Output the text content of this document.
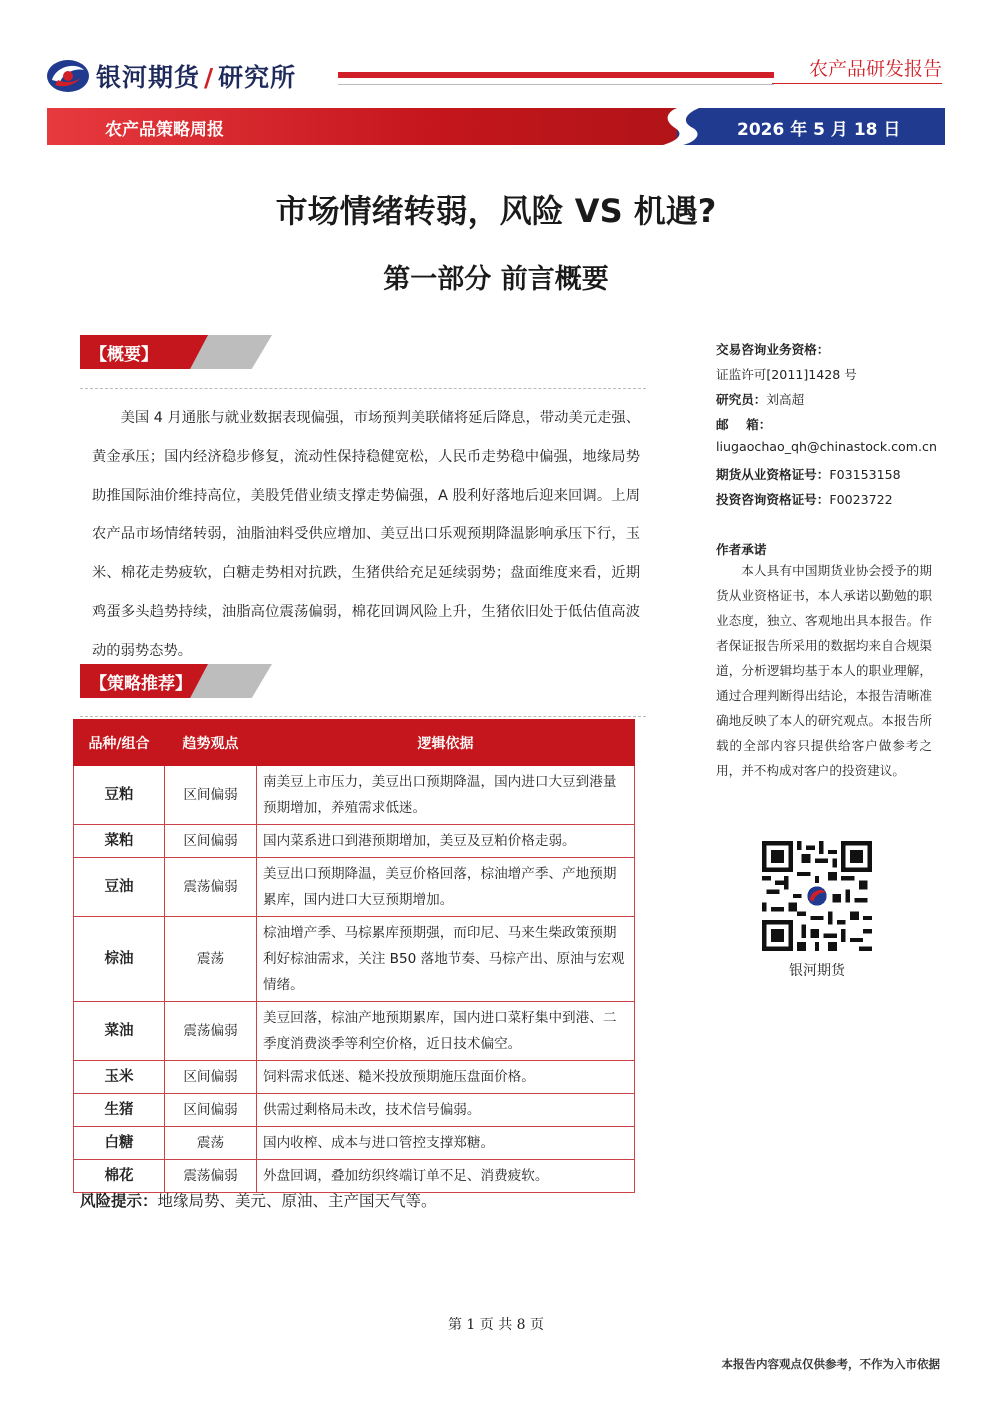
银河期货 / 研究所	农产品研发报告
农产品策略周报	2026 年 5 月 18 日
市场情绪转弱，风险 VS 机遇?
第一部分 前言概要
【概要】

美国 4 月通胀与就业数据表现偏强，市场预判美联储将延后降息，带动美元走强、黄金承压；国内经济稳步修复，流动性保持稳健宽松，人民币走势稳中偏强，地缘局势助推国际油价维持高位，美股凭借业绩支撑走势偏强，A 股利好落地后迎来回调。上周农产品市场情绪转弱，油脂油料受供应增加、美豆出口乐观预期降温影响承压下行，玉米、棉花走势疲软，白糖走势相对抗跌，生猪供给充足延续弱势；盘面维度来看，近期鸡蛋多头趋势持续，油脂高位震荡偏弱，棉花回调风险上升，生猪依旧处于低估值高波动的弱势态势。

【策略推荐】
品种/组合	趋势观点	逻辑依据
豆粕	区间偏弱	南美豆上市压力，美豆出口预期降温，国内进口大豆到港量预期增加，养殖需求低迷。
菜粕	区间偏弱	国内菜系进口到港预期增加，美豆及豆粕价格走弱。
豆油	震荡偏弱	美豆出口预期降温，美豆价格回落，棕油增产季、产地预期累库，国内进口大豆预期增加。
棕油	震荡	棕油增产季、马棕累库预期强，而印尼、马来生柴政策预期利好棕油需求，关注 B50 落地节奏、马棕产出、原油与宏观情绪。
菜油	震荡偏弱	美豆回落，棕油产地预期累库，国内进口菜籽集中到港、二季度消费淡季等利空价格，近日技术偏空。
玉米	区间偏弱	饲料需求低迷、糙米投放预期施压盘面价格。
生猪	区间偏弱	供需过剩格局未改，技术信号偏弱。
白糖	震荡	国内收榨、成本与进口管控支撑郑糖。
棉花	震荡偏弱	外盘回调，叠加纺织终端订单不足、消费疲软。
风险提示：地缘局势、美元、原油、主产国天气等。
交易咨询业务资格：
证监许可[2011]1428 号
研究员：刘高超
邮    箱：
liugaochao_qh@chinastock.com.cn
期货从业资格证号：F03153158
投资咨询资格证号：F0023722
作者承诺

本人具有中国期货业协会授予的期货从业资格证书，本人承诺以勤勉的职业态度，独立、客观地出具本报告。作者保证报告所采用的数据均来自合规渠道，分析逻辑均基于本人的职业理解，通过合理判断得出结论，本报告清晰准确地反映了本人的研究观点。本报告所载的全部内容只提供给客户做参考之用，并不构成对客户的投资建议。

银河期货
第 1 页 共 8 页
本报告内容观点仅供参考，不作为入市依据
